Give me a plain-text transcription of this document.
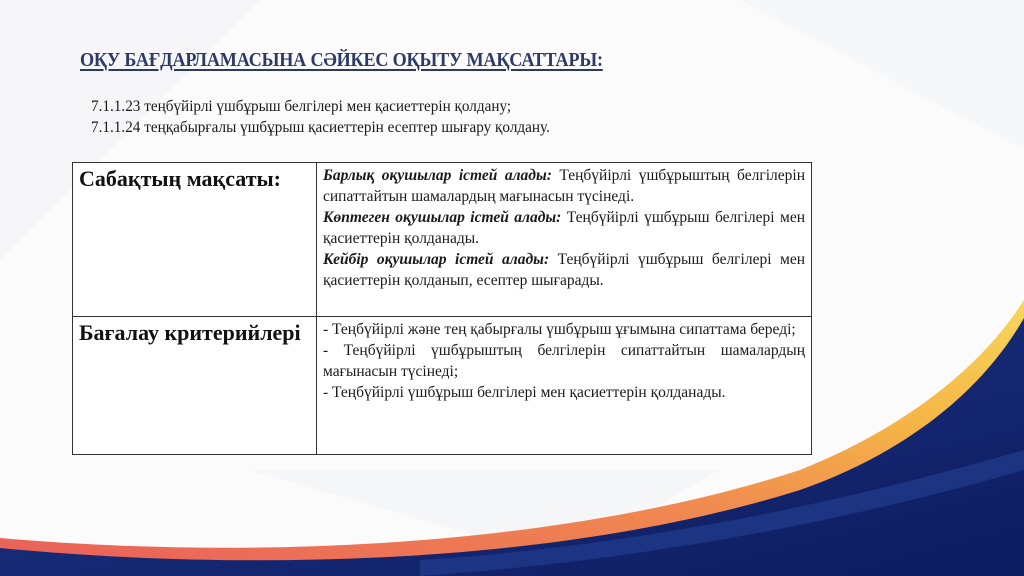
ОҚУ БАҒДАРЛАМАСЫНА СӘЙКЕС ОҚЫТУ МАҚСАТТАРЫ:
7.1.1.23 теңбүйірлі үшбұрыш белгілері мен қасиеттерін қолдану;
7.1.1.24 теңқабырғалы үшбұрыш қасиеттерін есептер шығару қолдану.
Сабақтың мақсаты:	Барлық оқушылар істей алады: Теңбүйірлі үшбұрыштың белгілерін сипаттайтын шамалардың мағынасын түсінеді.

Көптеген оқушылар істей алады: Теңбүйірлі үшбұрыш белгілері мен қасиеттерін қолданады.

Кейбір оқушылар істей алады: Теңбүйірлі үшбұрыш белгілері мен қасиеттерін қолданып, есептер шығарады.

Бағалау критерийлері	- Теңбүйірлі және тең қабырғалы үшбұрыш ұғымына сипаттама береді;

- Теңбүйірлі үшбұрыштың белгілерін сипаттайтын шамалардың мағынасын түсінеді;

- Теңбүйірлі үшбұрыш белгілері мен қасиеттерін қолданады.
